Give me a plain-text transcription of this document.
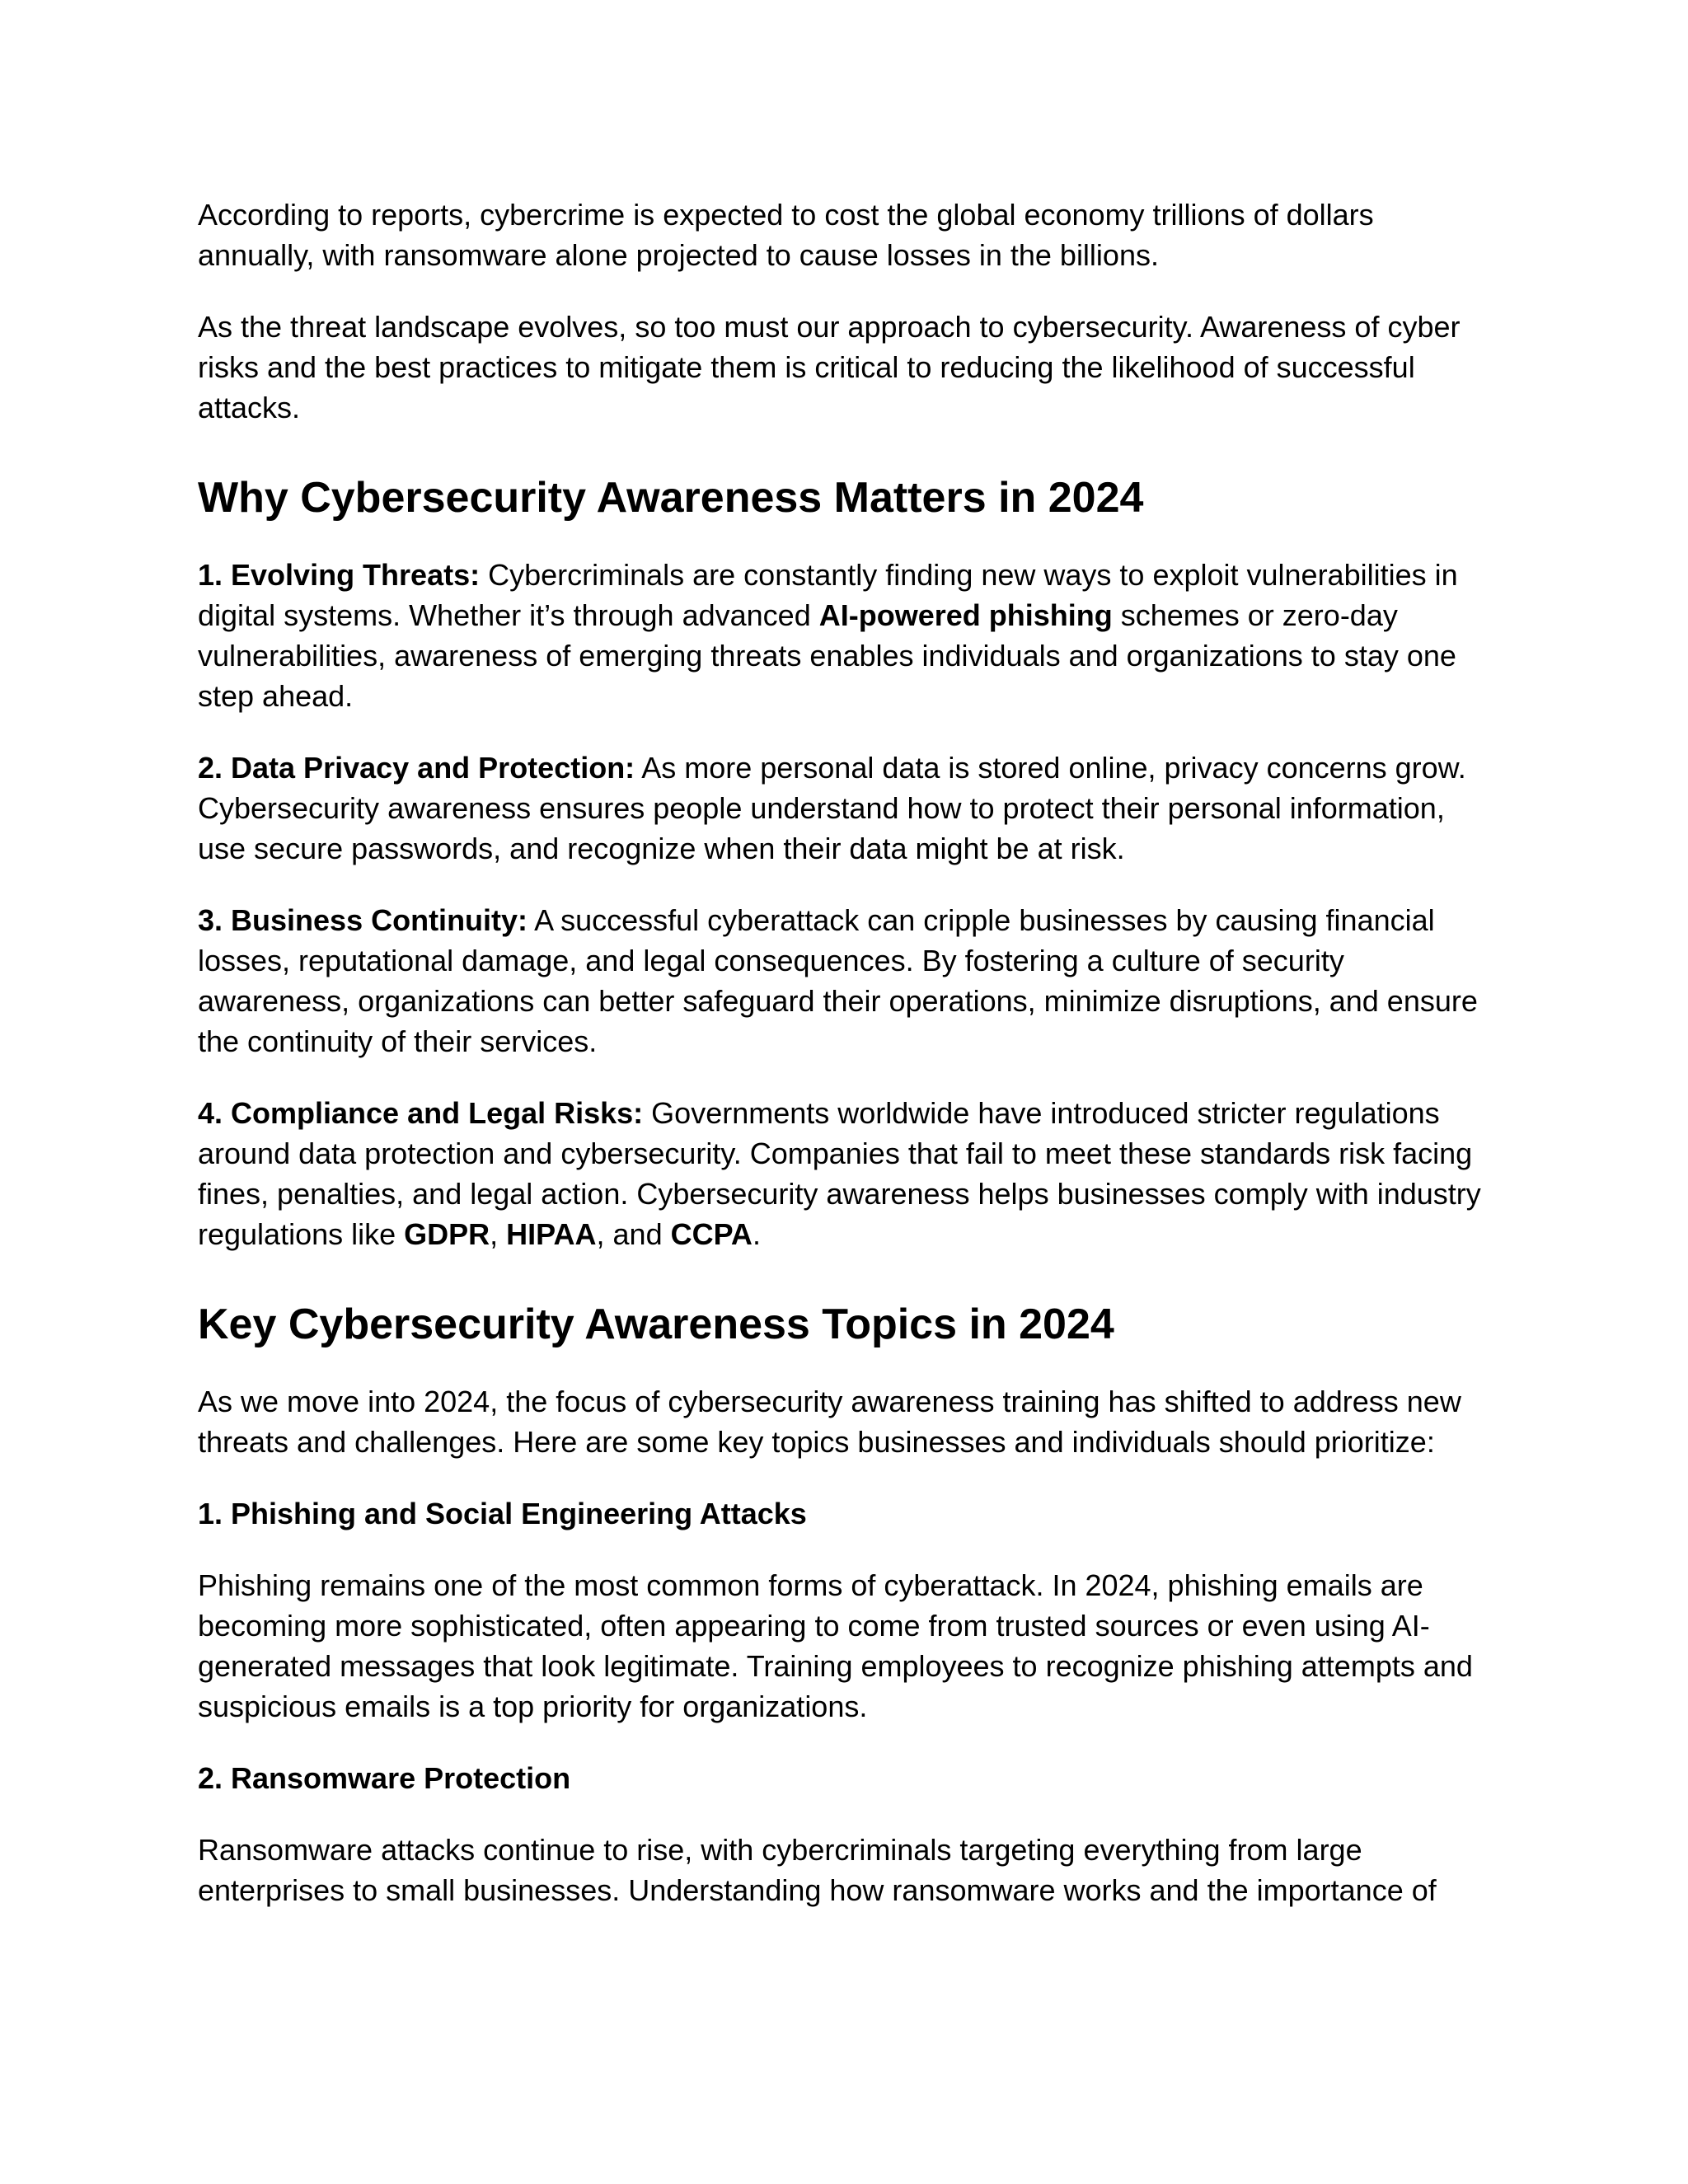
According to reports, cybercrime is expected to cost the global economy trillions of dollars annually, with ransomware alone projected to cause losses in the billions.

As the threat landscape evolves, so too must our approach to cybersecurity. Awareness of cyber risks and the best practices to mitigate them is critical to reducing the likelihood of successful attacks.

Why Cybersecurity Awareness Matters in 2024

1. Evolving Threats: Cybercriminals are constantly finding new ways to exploit vulnerabilities in digital systems. Whether it’s through advanced AI-powered phishing schemes or zero-day vulnerabilities, awareness of emerging threats enables individuals and organizations to stay one step ahead.

2. Data Privacy and Protection: As more personal data is stored online, privacy concerns grow. Cybersecurity awareness ensures people understand how to protect their personal information, use secure passwords, and recognize when their data might be at risk.

3. Business Continuity: A successful cyberattack can cripple businesses by causing financial losses, reputational damage, and legal consequences. By fostering a culture of security awareness, organizations can better safeguard their operations, minimize disruptions, and ensure the continuity of their services.

4. Compliance and Legal Risks: Governments worldwide have introduced stricter regulations around data protection and cybersecurity. Companies that fail to meet these standards risk facing fines, penalties, and legal action. Cybersecurity awareness helps businesses comply with industry regulations like GDPR, HIPAA, and CCPA.

Key Cybersecurity Awareness Topics in 2024

As we move into 2024, the focus of cybersecurity awareness training has shifted to address new threats and challenges. Here are some key topics businesses and individuals should prioritize:

1. Phishing and Social Engineering Attacks

Phishing remains one of the most common forms of cyberattack. In 2024, phishing emails are becoming more sophisticated, often appearing to come from trusted sources or even using AI-generated messages that look legitimate. Training employees to recognize phishing attempts and suspicious emails is a top priority for organizations.

2. Ransomware Protection

Ransomware attacks continue to rise, with cybercriminals targeting everything from large enterprises to small businesses. Understanding how ransomware works and the importance of
